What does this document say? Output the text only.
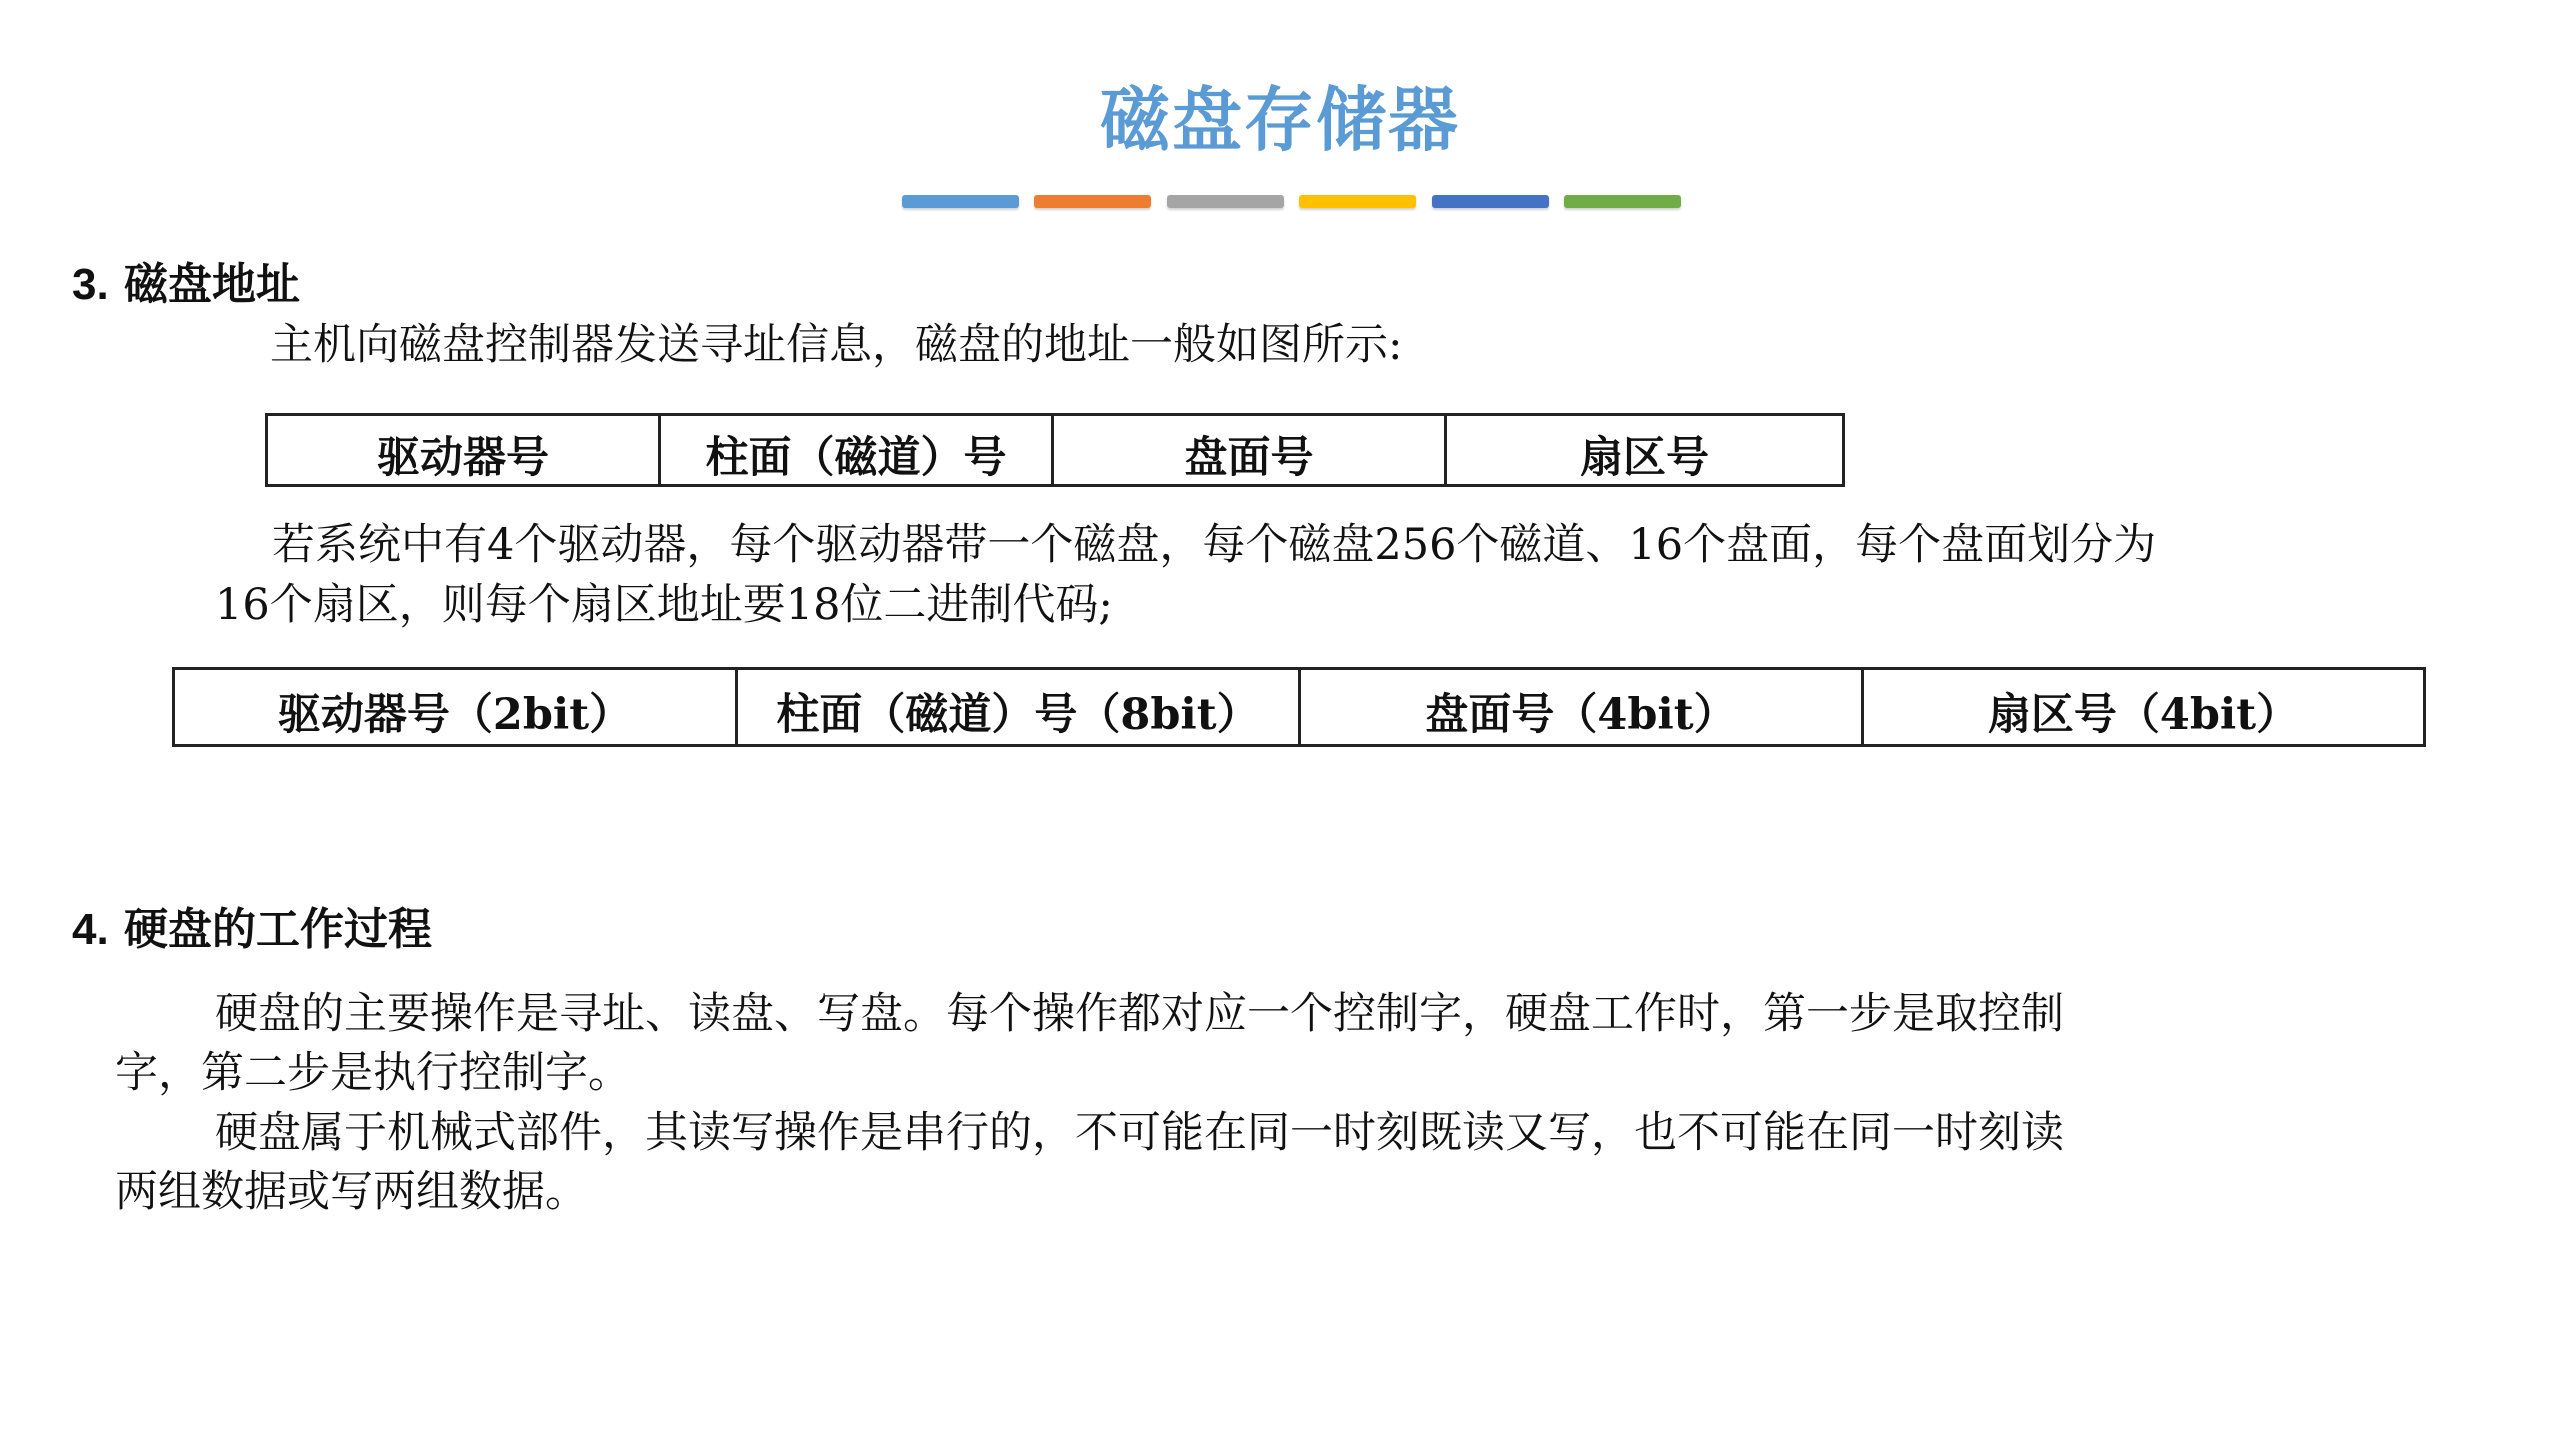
磁盘存储器
3. 磁盘地址
主机向磁盘控制器发送寻址信息，磁盘的地址一般如图所示:
驱动器号	柱面（磁道）号	盘面号	扇区号
若系统中有4个驱动器，每个驱动器带一个磁盘，每个磁盘256个磁道、16个盘面，每个盘面划分为
16个扇区，则每个扇区地址要18位二进制代码;
驱动器号（2bit）	柱面（磁道）号（8bit）	盘面号（4bit）	扇区号（4bit）
4. 硬盘的工作过程
硬盘的主要操作是寻址、读盘、写盘。每个操作都对应一个控制字，硬盘工作时，第一步是取控制
字，第二步是执行控制字。
硬盘属于机械式部件，其读写操作是串行的，不可能在同一时刻既读又写，也不可能在同一时刻读
两组数据或写两组数据。
